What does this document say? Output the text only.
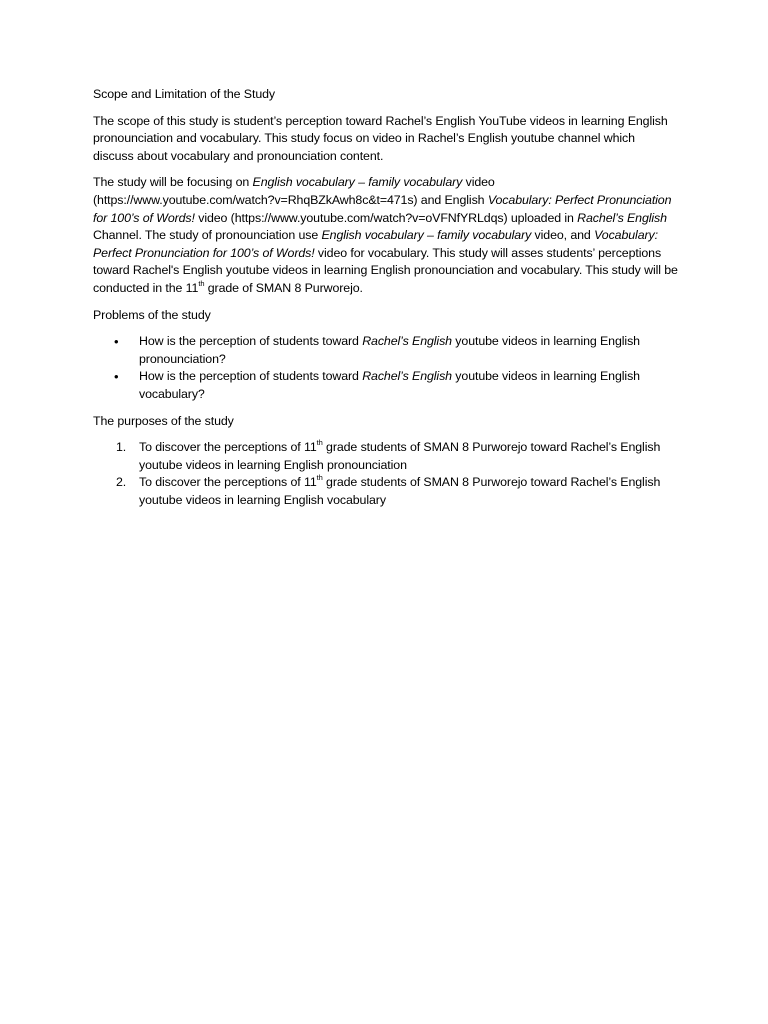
Scope and Limitation of the Study
The scope of this study is student’s perception toward Rachel’s English YouTube videos in learning English pronounciation and vocabulary. This study focus on video in Rachel’s English youtube channel which discuss about vocabulary and pronounciation content.
The study will be focusing on English vocabulary – family vocabulary video (https://www.youtube.com/watch?v=RhqBZkAwh8c&t=471s) and English Vocabulary: Perfect Pronunciation for 100’s of Words! video (https://www.youtube.com/watch?v=oVFNfYRLdqs) uploaded in Rachel’s English Channel. The study of pronounciation use English vocabulary – family vocabulary video, and Vocabulary: Perfect Pronunciation for 100’s of Words! video for vocabulary. This study will asses students’ perceptions toward Rachel's English youtube videos in learning English pronounciation and vocabulary. This study will be conducted in the 11th grade of SMAN 8 Purworejo.
Problems of the study
•	How is the perception of students toward Rachel’s English youtube videos in learning English pronounciation?
•	How is the perception of students toward Rachel’s English youtube videos in learning English vocabulary?
The purposes of the study
1. To discover the perceptions of 11th grade students of SMAN 8 Purworejo toward Rachel’s English youtube videos in learning English pronounciation
2. To discover the perceptions of 11th grade students of SMAN 8 Purworejo toward Rachel’s English youtube videos in learning English vocabulary
